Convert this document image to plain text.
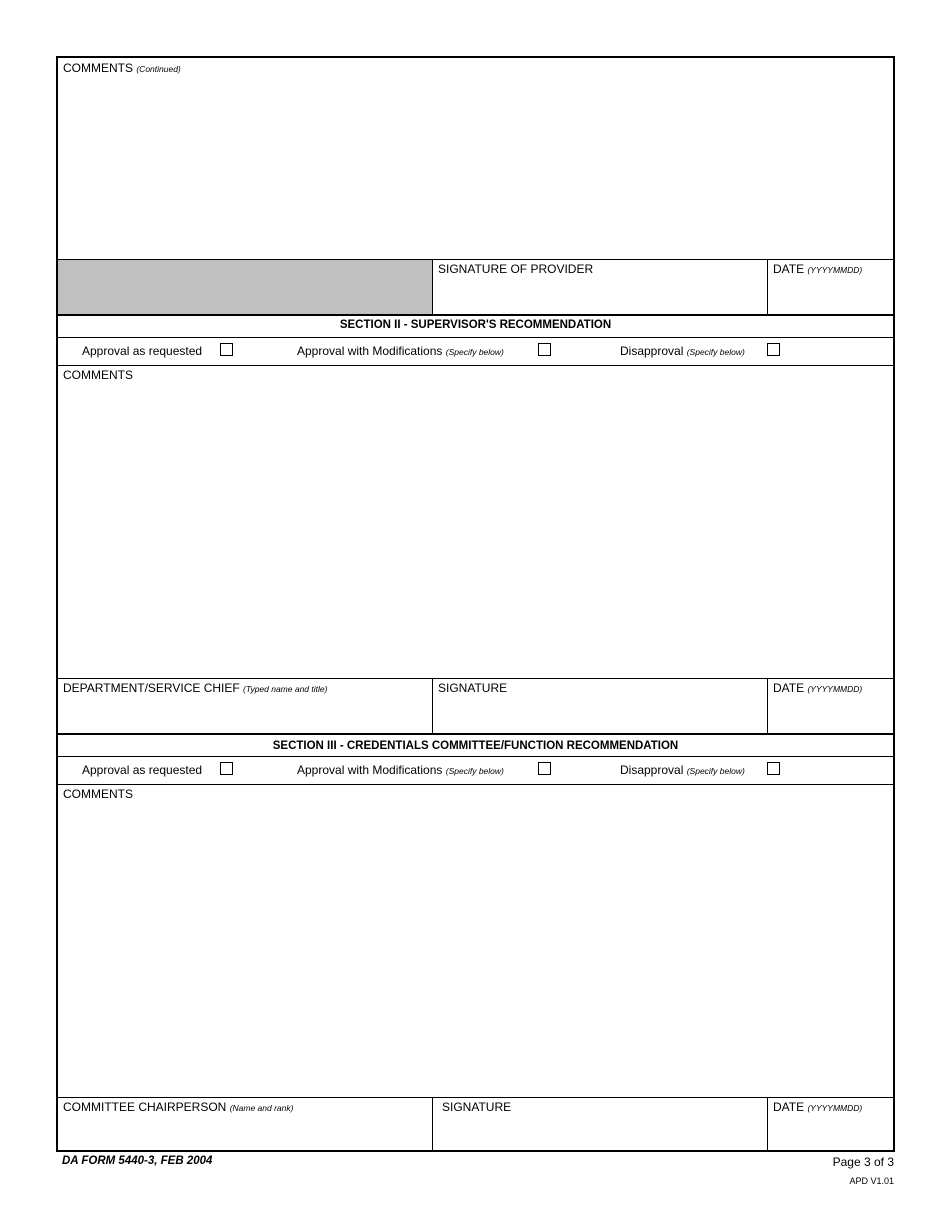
COMMENTS (Continued)
SIGNATURE OF PROVIDER	DATE (YYYYMMDD)
SECTION II - SUPERVISOR'S RECOMMENDATION
Approval as requested	Approval with Modifications (Specify below)	Disapproval (Specify below)
COMMENTS
DEPARTMENT/SERVICE CHIEF (Typed name and title)	SIGNATURE	DATE (YYYYMMDD)
SECTION III - CREDENTIALS COMMITTEE/FUNCTION RECOMMENDATION
Approval as requested	Approval with Modifications (Specify below)	Disapproval (Specify below)
COMMENTS
COMMITTEE CHAIRPERSON (Name and rank)	SIGNATURE	DATE (YYYYMMDD)
DA FORM 5440-3, FEB 2004	Page 3 of 3
APD V1.01
